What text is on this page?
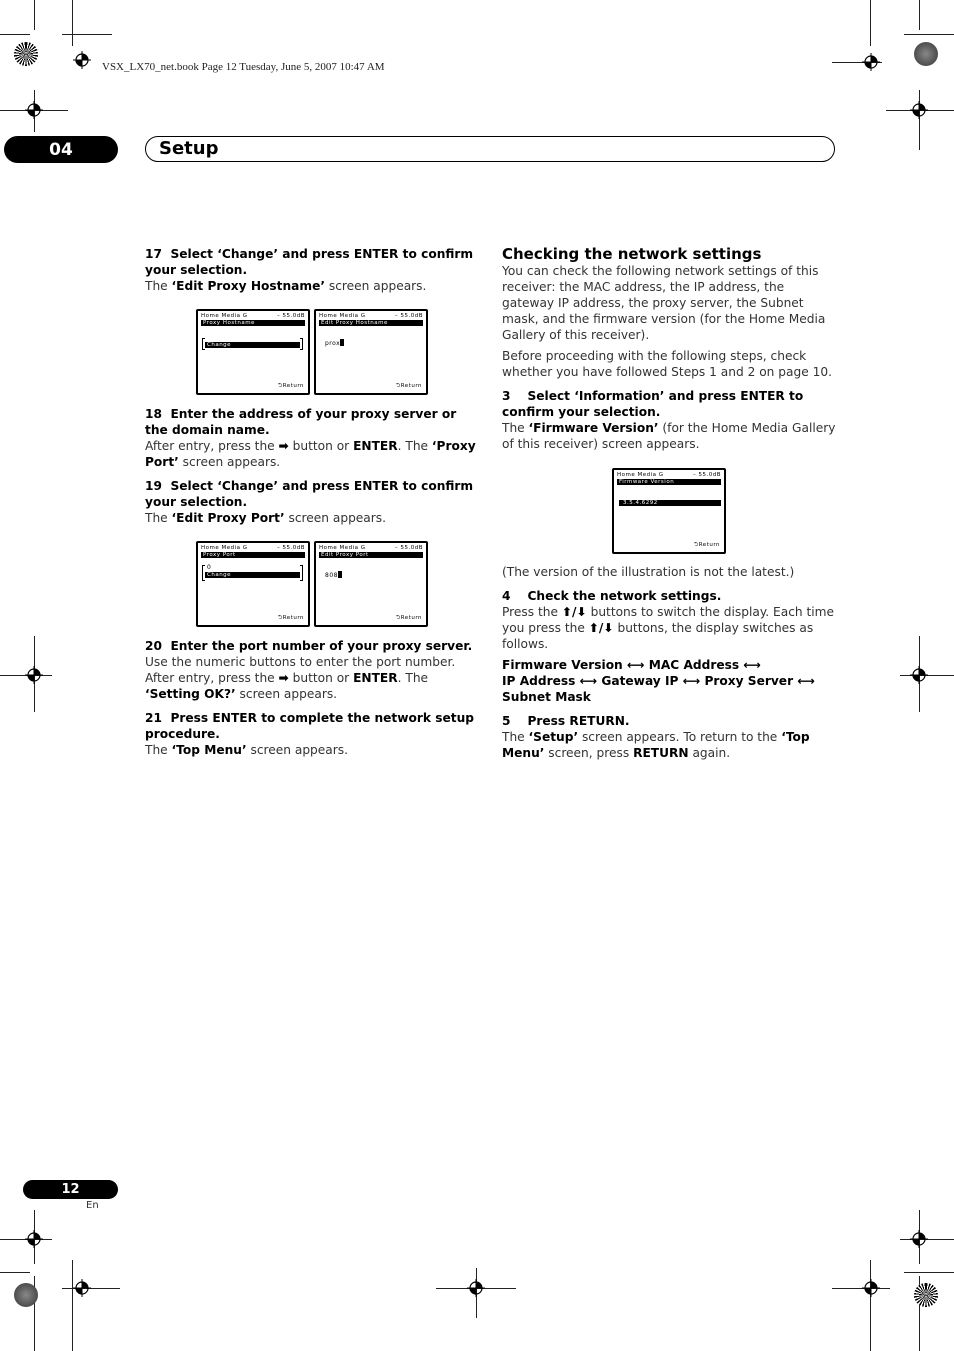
VSX_LX70_net.book Page 12 Tuesday, June 5, 2007 10:47 AM
04	Setup

17 Select ‘Change’ and press ENTER to confirm your selection.

The ‘Edit Proxy Hostname’ screen appears.

Home Media G	– 55.0dB
Proxy Hostname
Change
⮌Return
Home Media G	– 55.0dB
Edit Proxy Hostname
prox
⮌Return

18 Enter the address of your proxy server or the domain name.

After entry, press the ➡ button or ENTER. The ‘Proxy Port’ screen appears.

19 Select ‘Change’ and press ENTER to confirm your selection.

The ‘Edit Proxy Port’ screen appears.

Home Media G	– 55.0dB
Proxy Port
0
Change
⮌Return
Home Media G	– 55.0dB
Edit Proxy Port
808
⮌Return

20 Enter the port number of your proxy server.

Use the numeric buttons to enter the port number. After entry, press the ➡ button or ENTER. The ‘Setting OK?’ screen appears.

21 Press ENTER to complete the network setup procedure.

The ‘Top Menu’ screen appears.

Checking the network settings

You can check the following network settings of this receiver: the MAC address, the IP address, the gateway IP address, the proxy server, the Subnet mask, and the firmware version (for the Home Media Gallery of this receiver).

Before proceeding with the following steps, check whether you have followed Steps 1 and 2 on page 10.

3 Select ‘Information’ and press ENTER to confirm your selection.

The ‘Firmware Version’ (for the Home Media Gallery of this receiver) screen appears.

Home Media G	– 55.0dB
Firmware Version
3.5.4.6292
⮌Return

(The version of the illustration is not the latest.)

4 Check the network settings.

Press the ⬆/⬇ buttons to switch the display. Each time you press the ⬆/⬇ buttons, the display switches as follows.

Firmware Version ⟷ MAC Address ⟷
IP Address ⟷ Gateway IP ⟷ Proxy Server ⟷
Subnet Mask

5 Press RETURN.

The ‘Setup’ screen appears. To return to the ‘Top Menu’ screen, press RETURN again.

12
En
